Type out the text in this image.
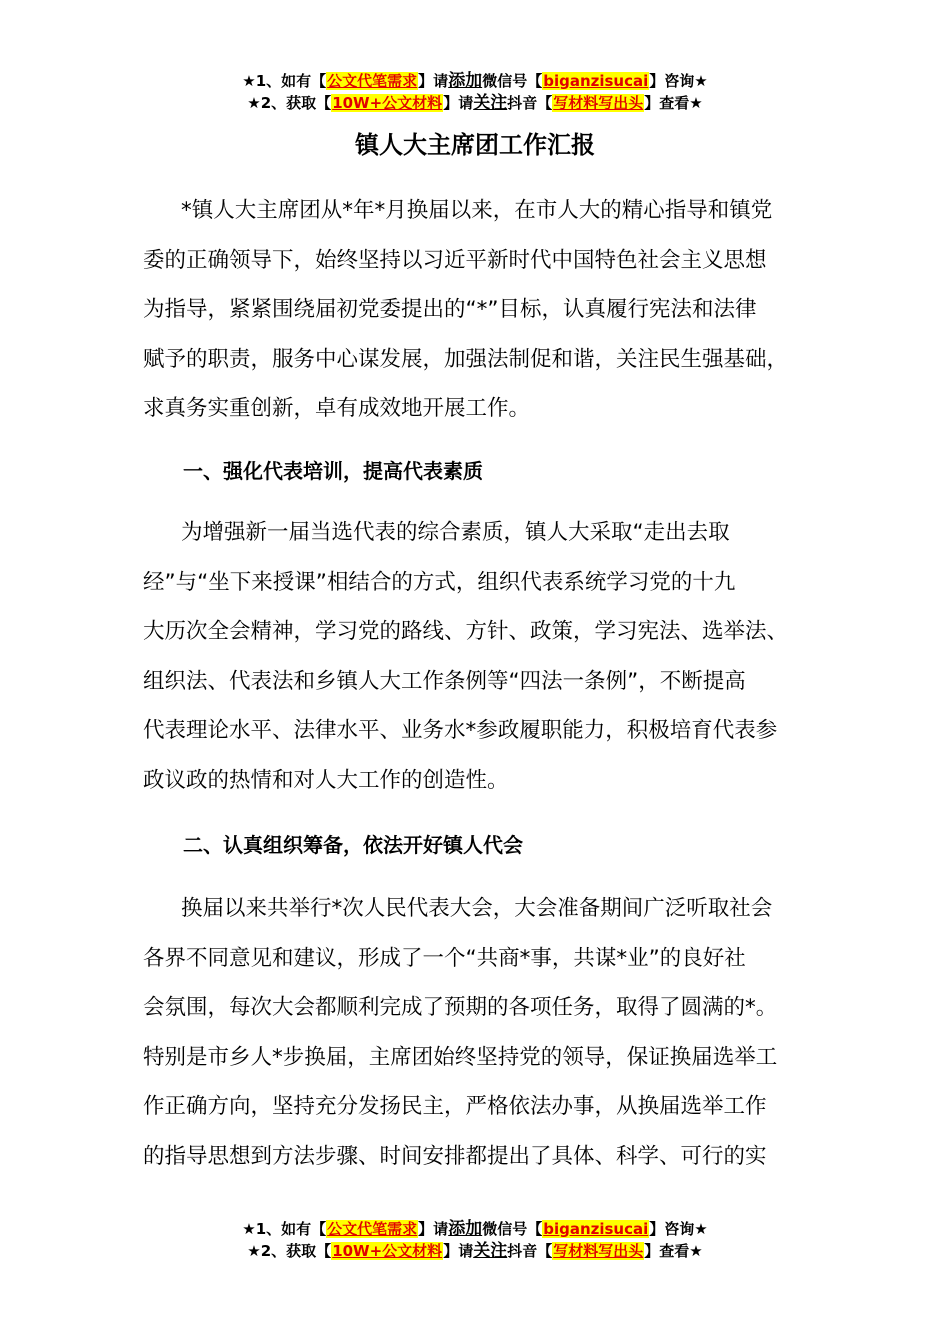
★1、如有【公文代笔需求】请添加微信号【biganzisucai】咨询★
★2、获取【10W+公文材料】请关注抖音【写材料写出头】查看★
镇人大主席团工作汇报
*镇人大主席团从*年*月换届以来，在市人大的精心指导和镇党
委的正确领导下，始终坚持以习近平新时代中国特色社会主义思想
为指导，紧紧围绕届初党委提出的“*”目标，认真履行宪法和法律
赋予的职责，服务中心谋发展，加强法制促和谐，关注民生强基础，
求真务实重创新，卓有成效地开展工作。
一、强化代表培训，提高代表素质
为增强新一届当选代表的综合素质，镇人大采取“走出去取
经”与“坐下来授课”相结合的方式，组织代表系统学习党的十九
大历次全会精神，学习党的路线、方针、政策，学习宪法、选举法、
组织法、代表法和乡镇人大工作条例等“四法一条例”，不断提高
代表理论水平、法律水平、业务水*参政履职能力，积极培育代表参
政议政的热情和对人大工作的创造性。
二、认真组织筹备，依法开好镇人代会
换届以来共举行*次人民代表大会，大会准备期间广泛听取社会
各界不同意见和建议，形成了一个“共商*事，共谋*业”的良好社
会氛围，每次大会都顺利完成了预期的各项任务，取得了圆满的*。
特别是市乡人*步换届，主席团始终坚持党的领导，保证换届选举工
作正确方向，坚持充分发扬民主，严格依法办事，从换届选举工作
的指导思想到方法步骤、时间安排都提出了具体、科学、可行的实
★1、如有【公文代笔需求】请添加微信号【biganzisucai】咨询★
★2、获取【10W+公文材料】请关注抖音【写材料写出头】查看★
